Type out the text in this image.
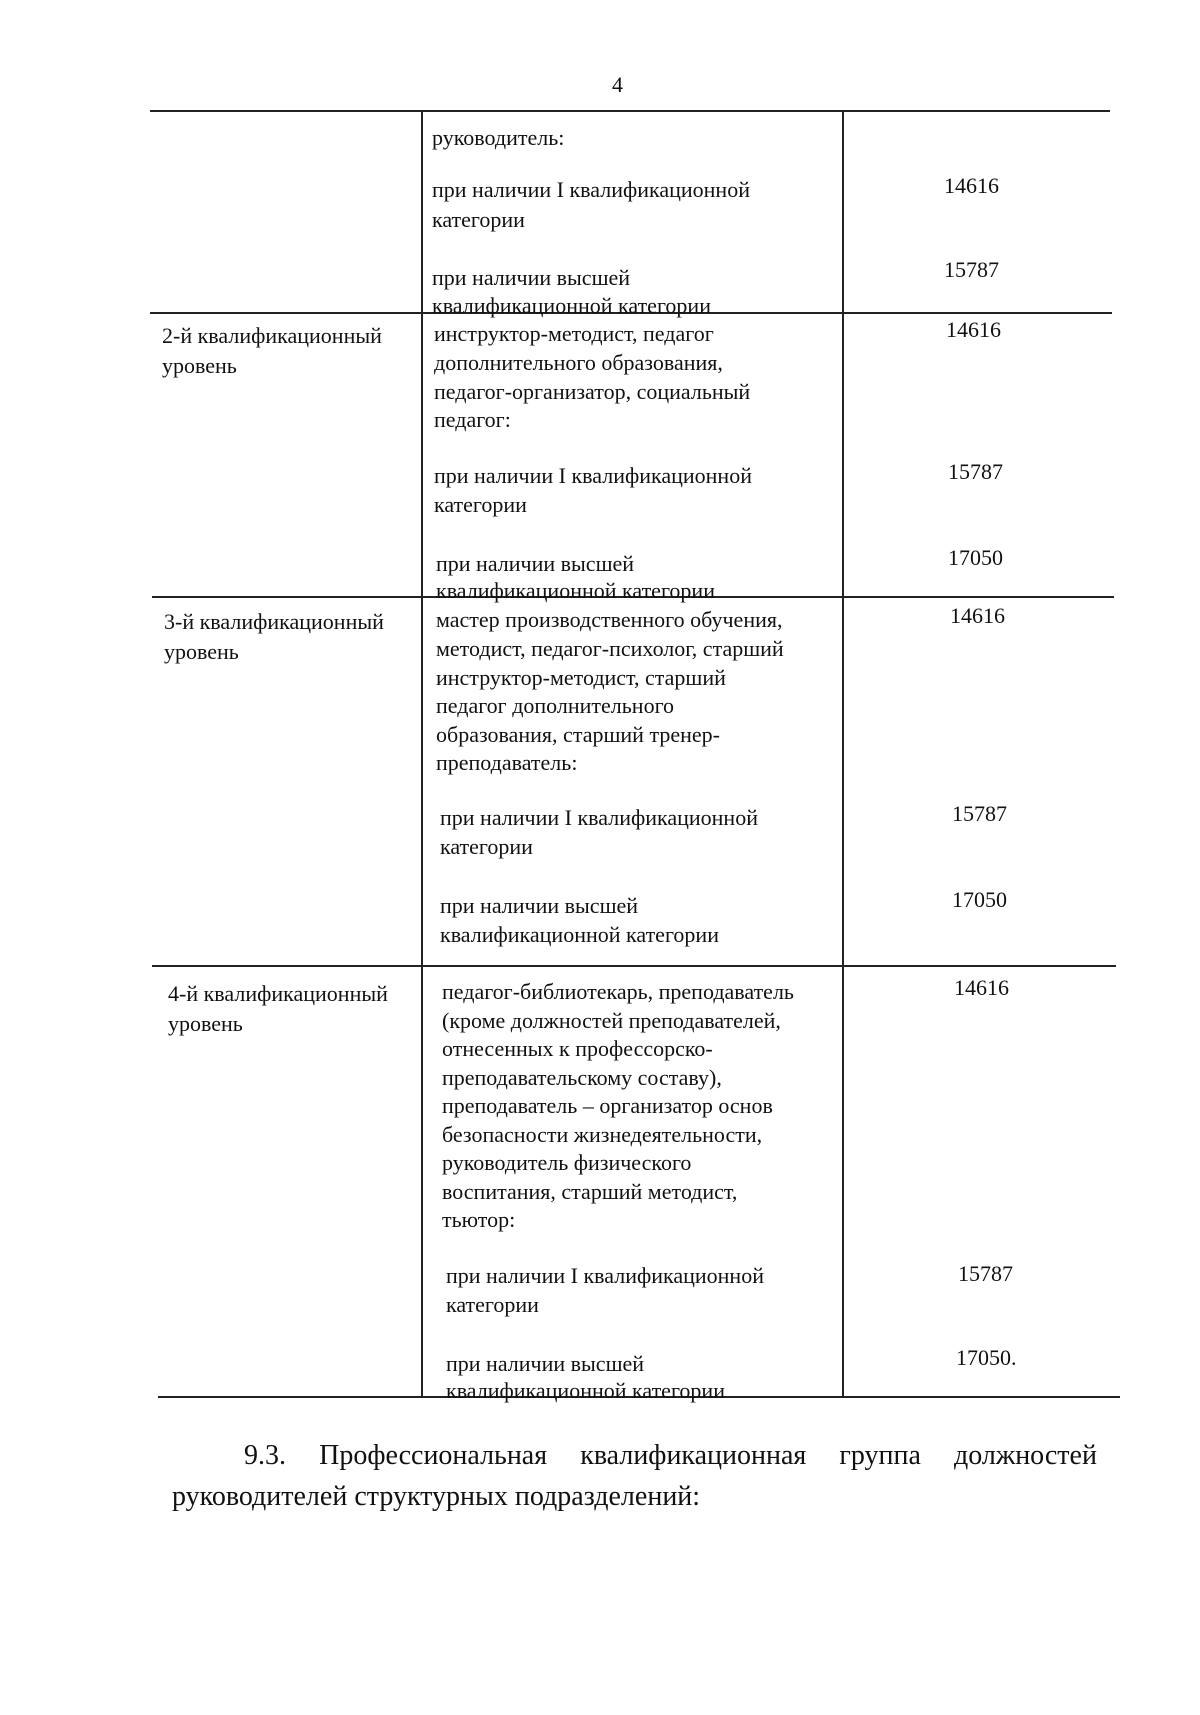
4
руководитель:
при наличии I квалификационной
категории
14616
при наличии высшей
квалификационной категории
15787
2-й квалификационный
уровень
инструктор-методист, педагог
дополнительного образования,
педагог-организатор, социальный
педагог:
14616
при наличии I квалификационной
категории
15787
при наличии высшей
квалификационной категории
17050
3-й квалификационный
уровень
мастер производственного обучения,
методист, педагог-психолог, старший
инструктор-методист, старший
педагог дополнительного
образования, старший тренер-
преподаватель:
14616
при наличии I квалификационной
категории
15787
при наличии высшей
квалификационной категории
17050
4-й квалификационный
уровень
педагог-библиотекарь, преподаватель
(кроме должностей преподавателей,
отнесенных к профессорско-
преподавательскому составу),
преподаватель – организатор основ
безопасности жизнедеятельности,
руководитель физического
воспитания, старший методист,
тьютор:
14616
при наличии I квалификационной
категории
15787
при наличии высшей
квалификационной категории
17050.
9.3. Профессиональная квалификационная группа должностей
руководителей структурных подразделений:
